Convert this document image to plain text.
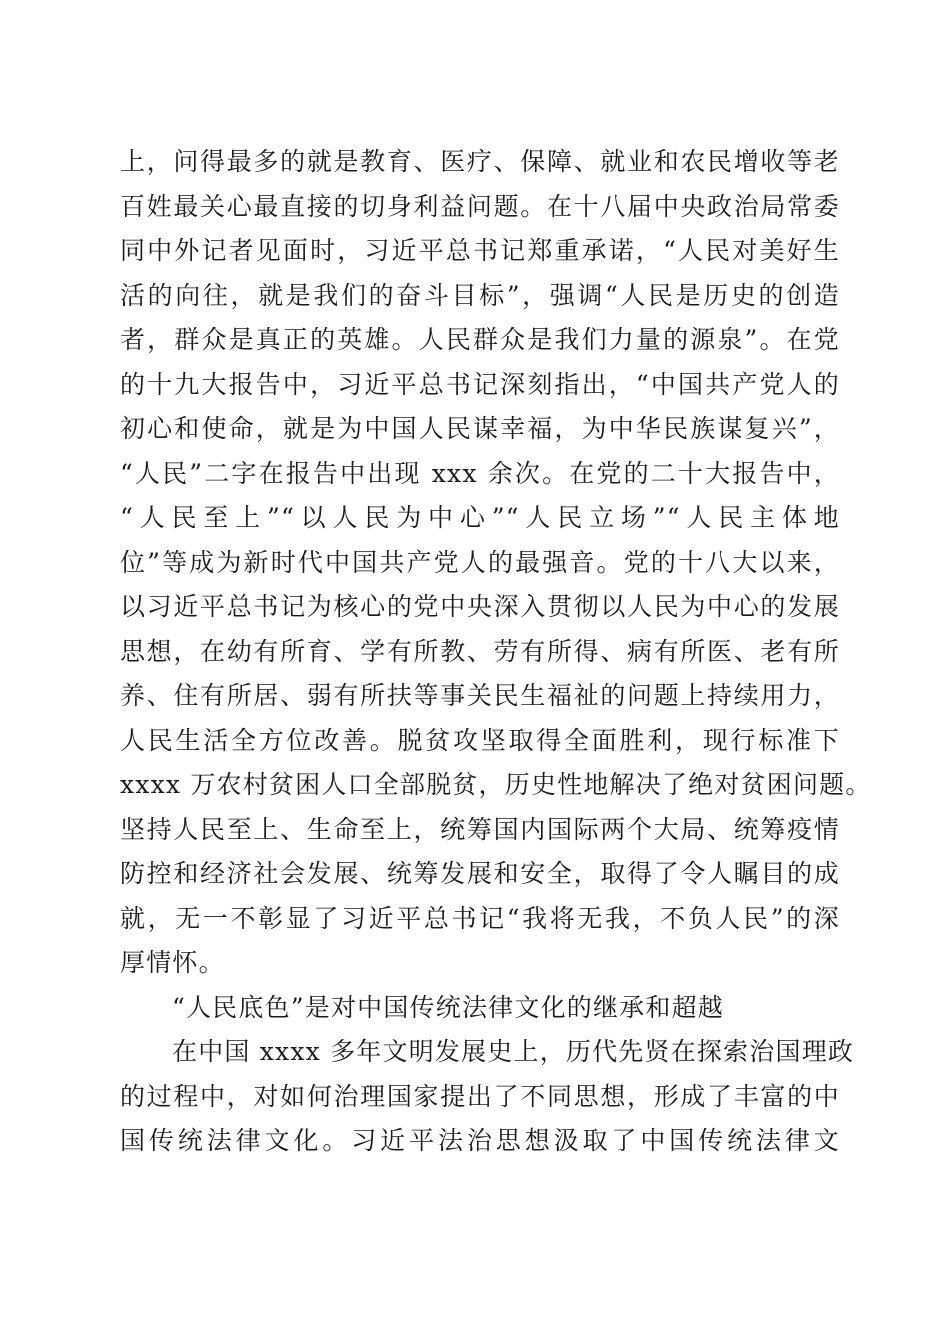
上，问得最多的就是教育、医疗、保障、就业和农民增收等老
百姓最关心最直接的切身利益问题。在十八届中央政治局常委
同中外记者见面时，习近平总书记郑重承诺，“人民对美好生
活的向往，就是我们的奋斗目标”，强调“人民是历史的创造
者，群众是真正的英雄。人民群众是我们力量的源泉”。在党
的十九大报告中，习近平总书记深刻指出，“中国共产党人的
初心和使命，就是为中国人民谋幸福，为中华民族谋复兴”，
“人民”二字在报告中出现 xxx 余次。在党的二十大报告中，
“人民至上”“以人民为中心”“人民立场”“人民主体地
位”等成为新时代中国共产党人的最强音。党的十八大以来，
以习近平总书记为核心的党中央深入贯彻以人民为中心的发展
思想，在幼有所育、学有所教、劳有所得、病有所医、老有所
养、住有所居、弱有所扶等事关民生福祉的问题上持续用力，
人民生活全方位改善。脱贫攻坚取得全面胜利，现行标准下
xxxx 万农村贫困人口全部脱贫，历史性地解决了绝对贫困问题。
坚持人民至上、生命至上，统筹国内国际两个大局、统筹疫情
防控和经济社会发展、统筹发展和安全，取得了令人瞩目的成
就，无一不彰显了习近平总书记“我将无我，不负人民”的深
厚情怀。
“人民底色”是对中国传统法律文化的继承和超越
在中国 xxxx 多年文明发展史上，历代先贤在探索治国理政
的过程中，对如何治理国家提出了不同思想，形成了丰富的中
国传统法律文化。习近平法治思想汲取了中国传统法律文
